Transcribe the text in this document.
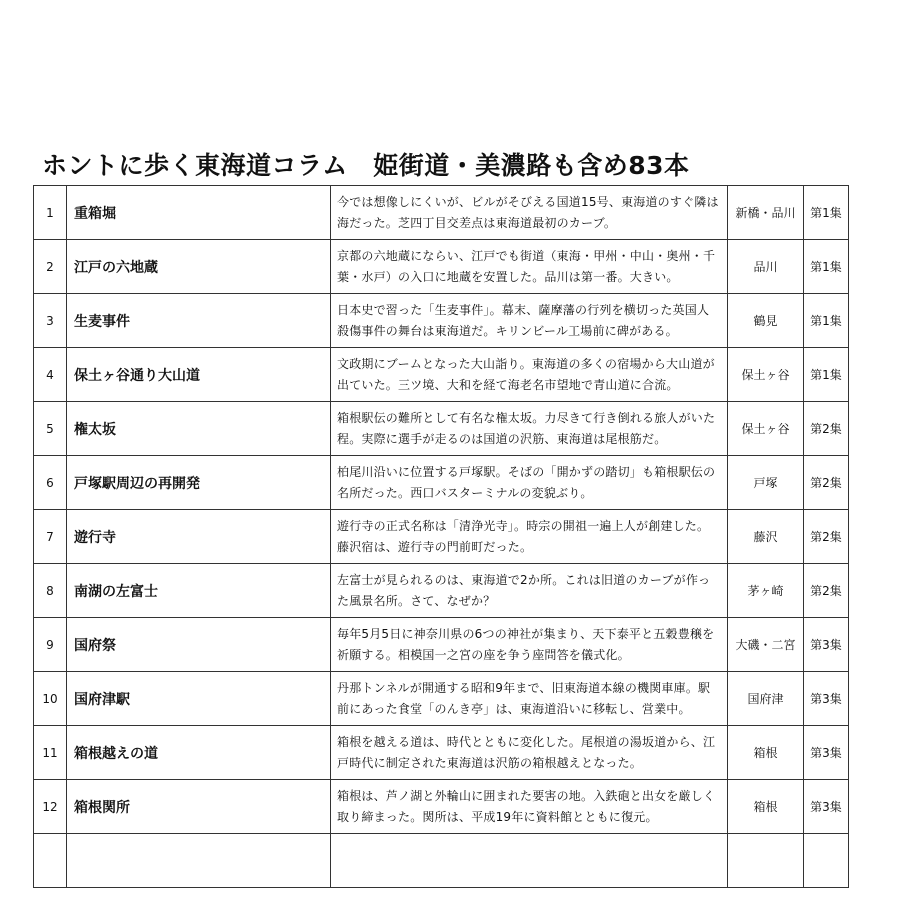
ホントに歩く東海道コラム　姫街道・美濃路も含め83本
1	重箱堀	今では想像しにくいが、ビルがそびえる国道15号、東海道のすぐ隣は海だった。芝四丁目交差点は東海道最初のカーブ。	新橋・品川	第1集
2	江戸の六地蔵	京都の六地蔵にならい、江戸でも街道（東海・甲州・中山・奥州・千葉・水戸）の入口に地蔵を安置した。品川は第一番。大きい。	品川	第1集
3	生麦事件	日本史で習った「生麦事件」。幕末、薩摩藩の行列を横切った英国人殺傷事件の舞台は東海道だ。キリンビール工場前に碑がある。	鶴見	第1集
4	保土ヶ谷通り大山道	文政期にブームとなった大山詣り。東海道の多くの宿場から大山道が出ていた。三ツ境、大和を経て海老名市望地で青山道に合流。	保土ヶ谷	第1集
5	権太坂	箱根駅伝の難所として有名な権太坂。力尽きて行き倒れる旅人がいた程。実際に選手が走るのは国道の沢筋、東海道は尾根筋だ。	保土ヶ谷	第2集
6	戸塚駅周辺の再開発	柏尾川沿いに位置する戸塚駅。そばの「開かずの踏切」も箱根駅伝の名所だった。西口バスターミナルの変貌ぶり。	戸塚	第2集
7	遊行寺	遊行寺の正式名称は「清浄光寺」。時宗の開祖一遍上人が創建した。藤沢宿は、遊行寺の門前町だった。	藤沢	第2集
8	南湖の左富士	左富士が見られるのは、東海道で2か所。これは旧道のカーブが作った風景名所。さて、なぜか？	茅ヶ崎	第2集
9	国府祭	毎年5月5日に神奈川県の6つの神社が集まり、天下泰平と五穀豊穣を祈願する。相模国一之宮の座を争う座問答を儀式化。	大磯・二宮	第3集
10	国府津駅	丹那トンネルが開通する昭和9年まで、旧東海道本線の機関車庫。駅前にあった食堂「のんき亭」は、東海道沿いに移転し、営業中。	国府津	第3集
11	箱根越えの道	箱根を越える道は、時代とともに変化した。尾根道の湯坂道から、江戸時代に制定された東海道は沢筋の箱根越えとなった。	箱根	第3集
12	箱根関所	箱根は、芦ノ湖と外輪山に囲まれた要害の地。入鉄砲と出女を厳しく取り締まった。関所は、平成19年に資料館とともに復元。	箱根	第3集
